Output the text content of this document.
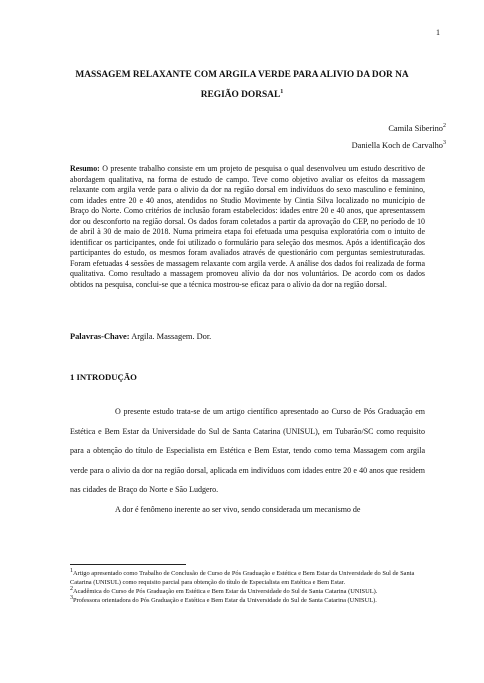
1
MASSAGEM RELAXANTE COM ARGILA VERDE PARA ALIVIO DA DOR NA
REGIÃO DORSAL$^1$
Camila Siberino$^2$
Daniella Koch de Carvalho$^3$

Resumo: O presente trabalho consiste em um projeto de pesquisa o qual desenvolveu um estudo descritivo de abordagem qualitativa, na forma de estudo de campo. Teve como objetivo avaliar os efeitos da massagem relaxante com argila verde para o alivio da dor na região dorsal em indivíduos do sexo masculino e feminino, com idades entre 20 e 40 anos, atendidos no Studio Movimente by Cintia Silva localizado no município de Braço do Norte. Como critérios de inclusão foram estabelecidos: idades entre 20 e 40 anos, que apresentassem dor ou desconforto na região dorsal. Os dados foram coletados a partir da aprovação do CEP, no período de 10 de abril à 30 de maio de 2018. Numa primeira etapa foi efetuada uma pesquisa exploratória com o intuito de identificar os participantes, onde foi utilizado o formulário para seleção dos mesmos. Após a identificação dos participantes do estudo, os mesmos foram avaliados através de questionário com perguntas semiestruturadas. Foram efetuadas 4 sessões de massagem relaxante com argila verde. A análise dos dados foi realizada de forma qualitativa. Como resultado a massagem promoveu alívio da dor nos voluntários. De acordo com os dados obtidos na pesquisa, conclui-se que a técnica mostrou-se eficaz para o alívio da dor na região dorsal.

Palavras-Chave: Argila. Massagem. Dor.

1 INTRODUÇÃO

O presente estudo trata-se de um artigo científico apresentado ao Curso de Pós Graduação em Estética e Bem Estar da Universidade do Sul de Santa Catarina (UNISUL), em Tubarão/SC como requisito para a obtenção do título de Especialista em Estética e Bem Estar, tendo como tema Massagem com argila verde para o alivio da dor na região dorsal, aplicada em indivíduos com idades entre 20 e 40 anos que residem nas cidades de Braço do Norte e São Ludgero.

A dor é fenômeno inerente ao ser vivo, sendo considerada um mecanismo de

$^1$Artigo apresentado como Trabalho de Conclusão de Curso de Pós Graduação e Estética e Bem Estar da Universidade do Sul de Santa Catarina (UNISUL) como requisito parcial para obtenção do título de Especialista em Estética e Bem Estar.

$^2$Acadêmica do Curso de Pós Graduação em Estética e Bem Estar da Universidade do Sul de Santa Catarina (UNISUL).

$^3$Professora orientadora do Pós Graduação e Estética e Bem Estar da Universidade do Sul de Santa Catarina (UNISUL).
